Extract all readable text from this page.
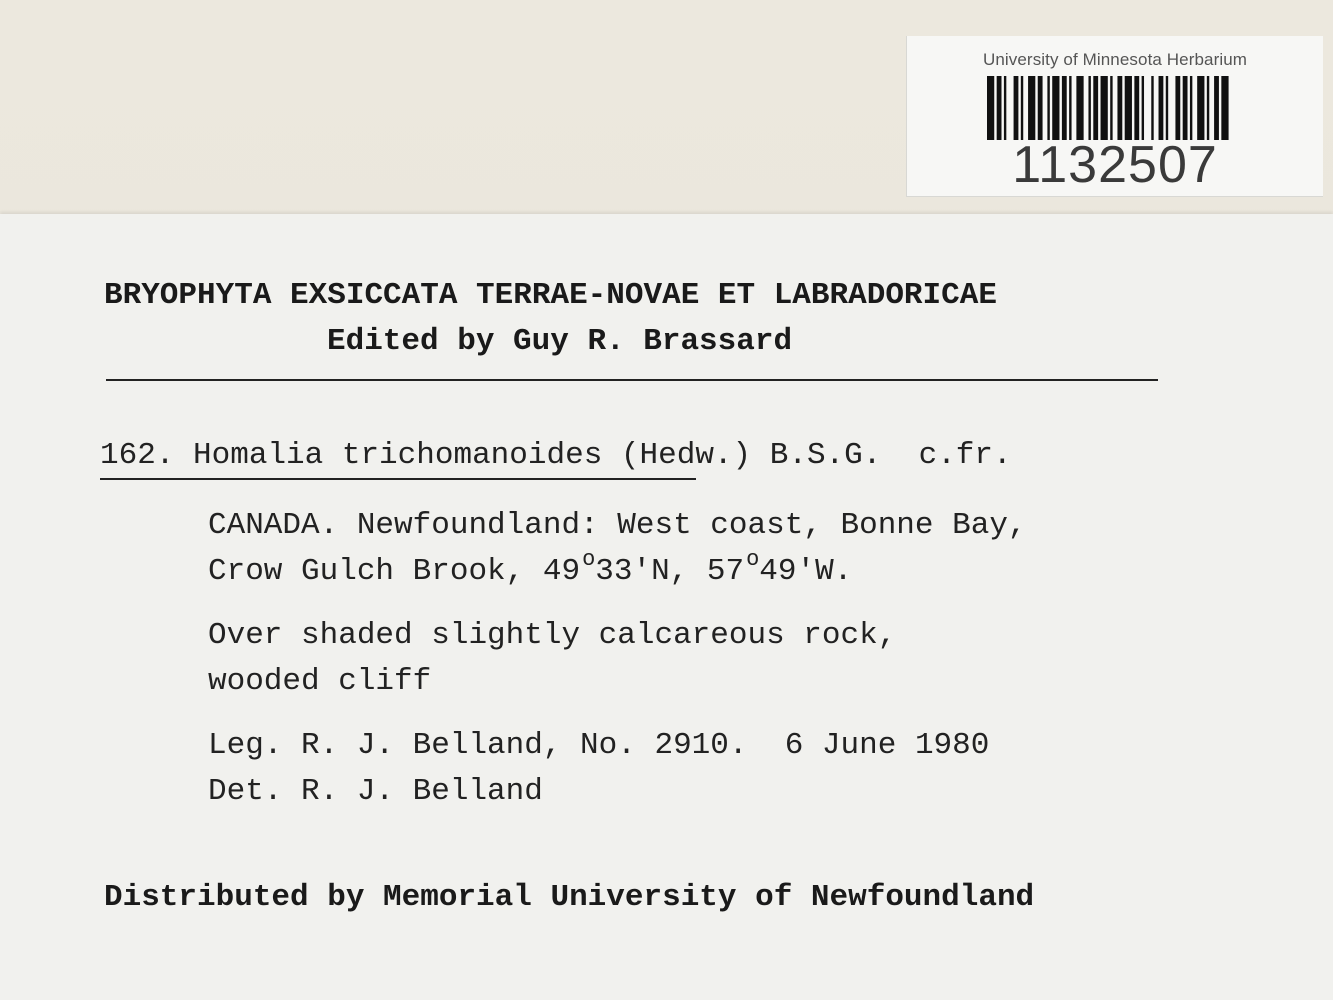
University of Minnesota Herbarium
1132507
BRYOPHYTA EXSICCATA TERRAE-NOVAE ET LABRADORICAE
Edited by Guy R. Brassard
162. Homalia trichomanoides (Hedw.) B.S.G. c.fr.
CANADA. Newfoundland: West coast, Bonne Bay,
Crow Gulch Brook, 49$^o$33'N, 57$^o$49'W.
Over shaded slightly calcareous rock,
wooded cliff
Leg. R. J. Belland, No. 2910. 6 June 1980
Det. R. J. Belland
Distributed by Memorial University of Newfoundland
